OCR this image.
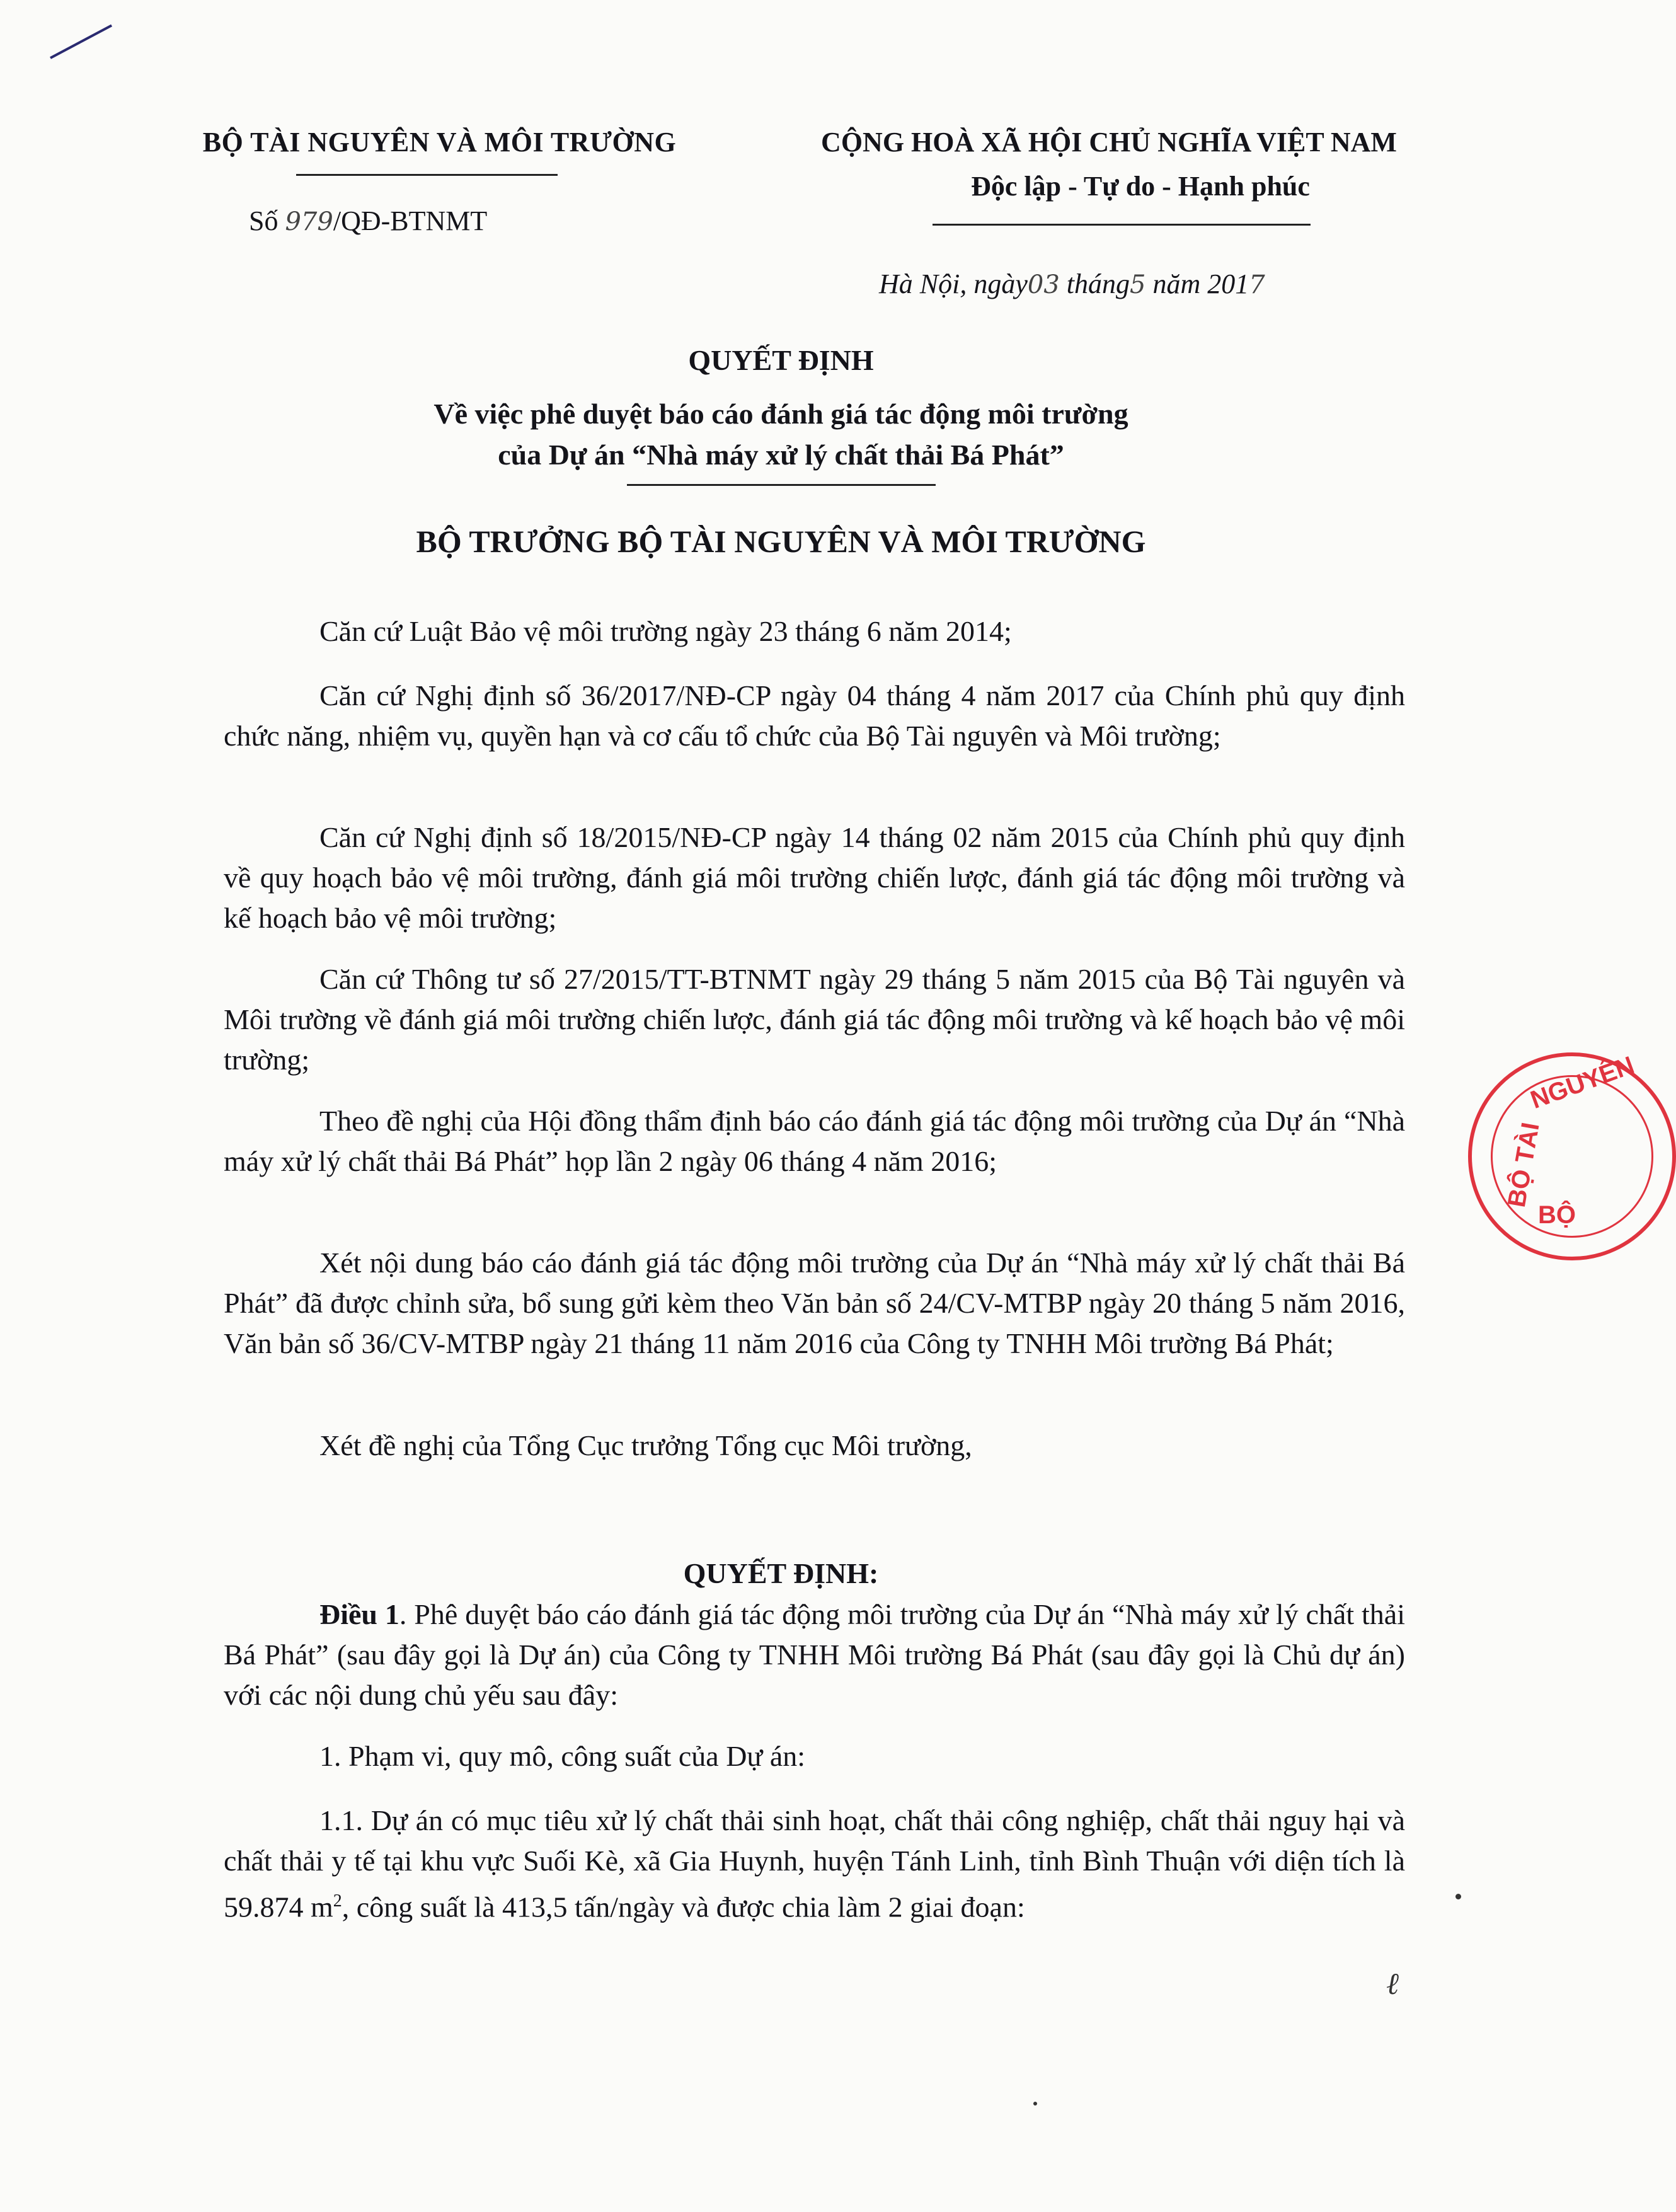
BỘ TÀI NGUYÊN VÀ MÔI TRƯỜNG	CỘNG HOÀ XÃ HỘI CHỦ NGHĨA VIỆT NAM
Độc lập - Tự do - Hạnh phúc
Số 979/QĐ-BTNMT
Hà Nội, ngày03 tháng5 năm 2017
QUYẾT ĐỊNH
Về việc phê duyệt báo cáo đánh giá tác động môi trường
của Dự án “Nhà máy xử lý chất thải Bá Phát”
BỘ TRƯỞNG BỘ TÀI NGUYÊN VÀ MÔI TRƯỜNG
Căn cứ Luật Bảo vệ môi trường ngày 23 tháng 6 năm 2014;
Căn cứ Nghị định số 36/2017/NĐ-CP ngày 04 tháng 4 năm 2017 của Chính phủ quy định chức năng, nhiệm vụ, quyền hạn và cơ cấu tổ chức của Bộ Tài nguyên và Môi trường;
Căn cứ Nghị định số 18/2015/NĐ-CP ngày 14 tháng 02 năm 2015 của Chính phủ quy định về quy hoạch bảo vệ môi trường, đánh giá môi trường chiến lược, đánh giá tác động môi trường và kế hoạch bảo vệ môi trường;
Căn cứ Thông tư số 27/2015/TT-BTNMT ngày 29 tháng 5 năm 2015 của Bộ Tài nguyên và Môi trường về đánh giá môi trường chiến lược, đánh giá tác động môi trường và kế hoạch bảo vệ môi trường;
Theo đề nghị của Hội đồng thẩm định báo cáo đánh giá tác động môi trường của Dự án “Nhà máy xử lý chất thải Bá Phát” họp lần 2 ngày 06 tháng 4 năm 2016;
Xét nội dung báo cáo đánh giá tác động môi trường của Dự án “Nhà máy xử lý chất thải Bá Phát” đã được chỉnh sửa, bổ sung gửi kèm theo Văn bản số 24/CV-MTBP ngày 20 tháng 5 năm 2016, Văn bản số 36/CV-MTBP ngày 21 tháng 11 năm 2016 của Công ty TNHH Môi trường Bá Phát;
Xét đề nghị của Tổng Cục trưởng Tổng cục Môi trường,
QUYẾT ĐỊNH:
Điều 1. Phê duyệt báo cáo đánh giá tác động môi trường của Dự án “Nhà máy xử lý chất thải Bá Phát” (sau đây gọi là Dự án) của Công ty TNHH Môi trường Bá Phát (sau đây gọi là Chủ dự án) với các nội dung chủ yếu sau đây:
1. Phạm vi, quy mô, công suất của Dự án:
1.1. Dự án có mục tiêu xử lý chất thải sinh hoạt, chất thải công nghiệp, chất thải nguy hại và chất thải y tế tại khu vực Suối Kè, xã Gia Huynh, huyện Tánh Linh, tỉnh Bình Thuận với diện tích là 59.874 $m^2$, công suất là 413,5 tấn/ngày và được chia làm 2 giai đoạn:
NGUYÊN
BỘ TÀI
BỘ
ℓ
